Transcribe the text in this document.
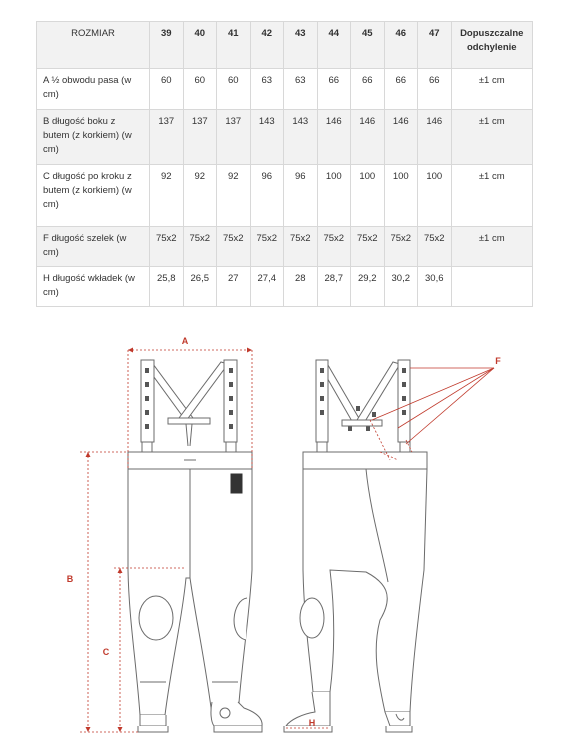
ROZMIAR	39	40	41	42	43	44	45	46	47	Dopuszczalne odchylenie
A ½ obwodu pasa (w cm)	60	60	60	63	63	66	66	66	66	±1 cm
B długość boku z butem (z korkiem) (w cm)	137	137	137	143	143	146	146	146	146	±1 cm
C długość po kroku z butem (z korkiem) (w cm)	92	92	92	96	96	100	100	100	100	±1 cm
F długość szelek (w cm)	75x2	75x2	75x2	75x2	75x2	75x2	75x2	75x2	75x2	±1 cm
H długość wkładek (w cm)	25,8	26,5	27	27,4	28	28,7	29,2	30,2	30,6	
A
B
C
F
H
